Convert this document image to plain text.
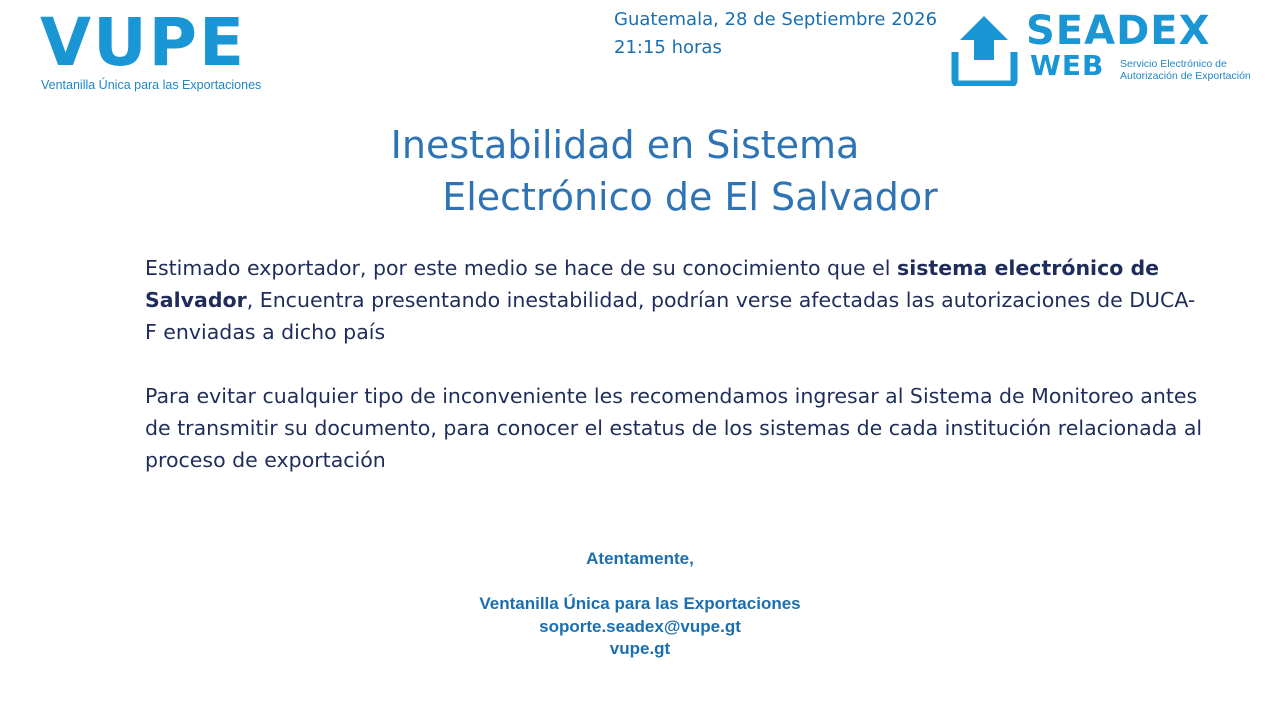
VUPE
Ventanilla Única para las Exportaciones
Guatemala, 28 de Septiembre 2026
21:15 horas	SEADEX
WEB Servicio Electrónico de
Autorización de Exportación
Inestabilidad en Sistema
Electrónico de El Salvador

Estimado exportador, por este medio se hace de su conocimiento que el sistema electrónico de Salvador, Encuentra presentando inestabilidad, podrían verse afectadas las autorizaciones de DUCA-F enviadas a dicho país

Para evitar cualquier tipo de inconveniente les recomendamos ingresar al Sistema de Monitoreo antes de transmitir su documento, para conocer el estatus de los sistemas de cada institución relacionada al proceso de exportación

Atentamente,
Ventanilla Única para las Exportaciones
soporte.seadex@vupe.gt
vupe.gt
